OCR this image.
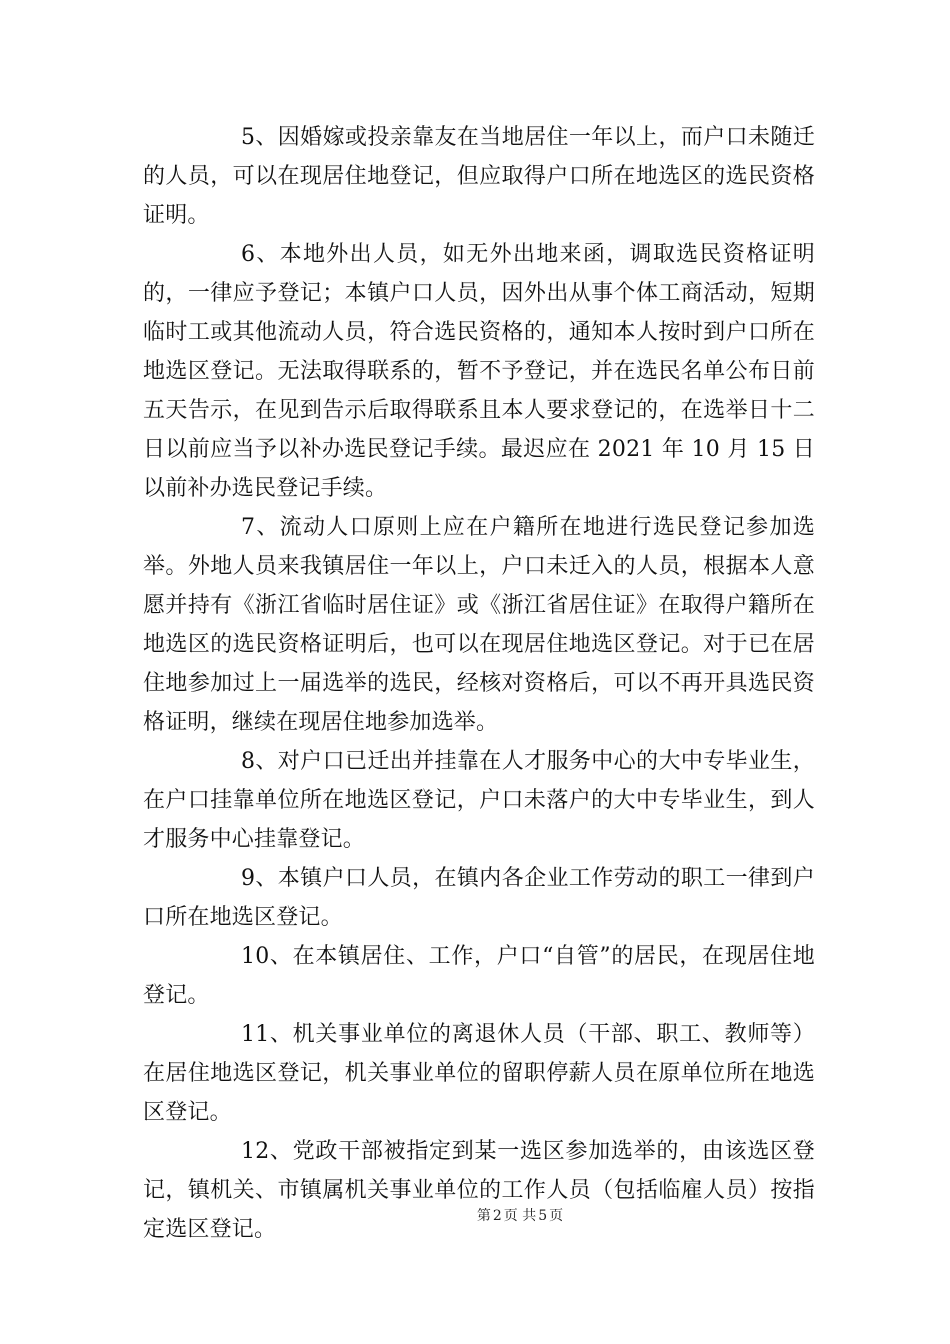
5、因婚嫁或投亲靠友在当地居住一年以上，而户口未随迁的人员，可以在现居住地登记，但应取得户口所在地选区的选民资格证明。

6、本地外出人员，如无外出地来函，调取选民资格证明的，一律应予登记；本镇户口人员，因外出从事个体工商活动，短期临时工或其他流动人员，符合选民资格的，通知本人按时到户口所在地选区登记。无法取得联系的，暂不予登记，并在选民名单公布日前五天告示，在见到告示后取得联系且本人要求登记的，在选举日十二日以前应当予以补办选民登记手续。最迟应在 2021 年 10 月 15 日以前补办选民登记手续。

7、流动人口原则上应在户籍所在地进行选民登记参加选举。外地人员来我镇居住一年以上，户口未迁入的人员，根据本人意愿并持有《浙江省临时居住证》或《浙江省居住证》在取得户籍所在地选区的选民资格证明后，也可以在现居住地选区登记。对于已在居住地参加过上一届选举的选民，经核对资格后，可以不再开具选民资格证明，继续在现居住地参加选举。

8、对户口已迁出并挂靠在人才服务中心的大中专毕业生，在户口挂靠单位所在地选区登记，户口未落户的大中专毕业生，到人才服务中心挂靠登记。

9、本镇户口人员，在镇内各企业工作劳动的职工一律到户口所在地选区登记。

10、在本镇居住、工作，户口“自管”的居民，在现居住地登记。

11、机关事业单位的离退休人员（干部、职工、教师等）在居住地选区登记，机关事业单位的留职停薪人员在原单位所在地选区登记。

12、党政干部被指定到某一选区参加选举的，由该选区登记，镇机关、市镇属机关事业单位的工作人员（包括临雇人员）按指定选区登记。

第 2 页 共 5 页
